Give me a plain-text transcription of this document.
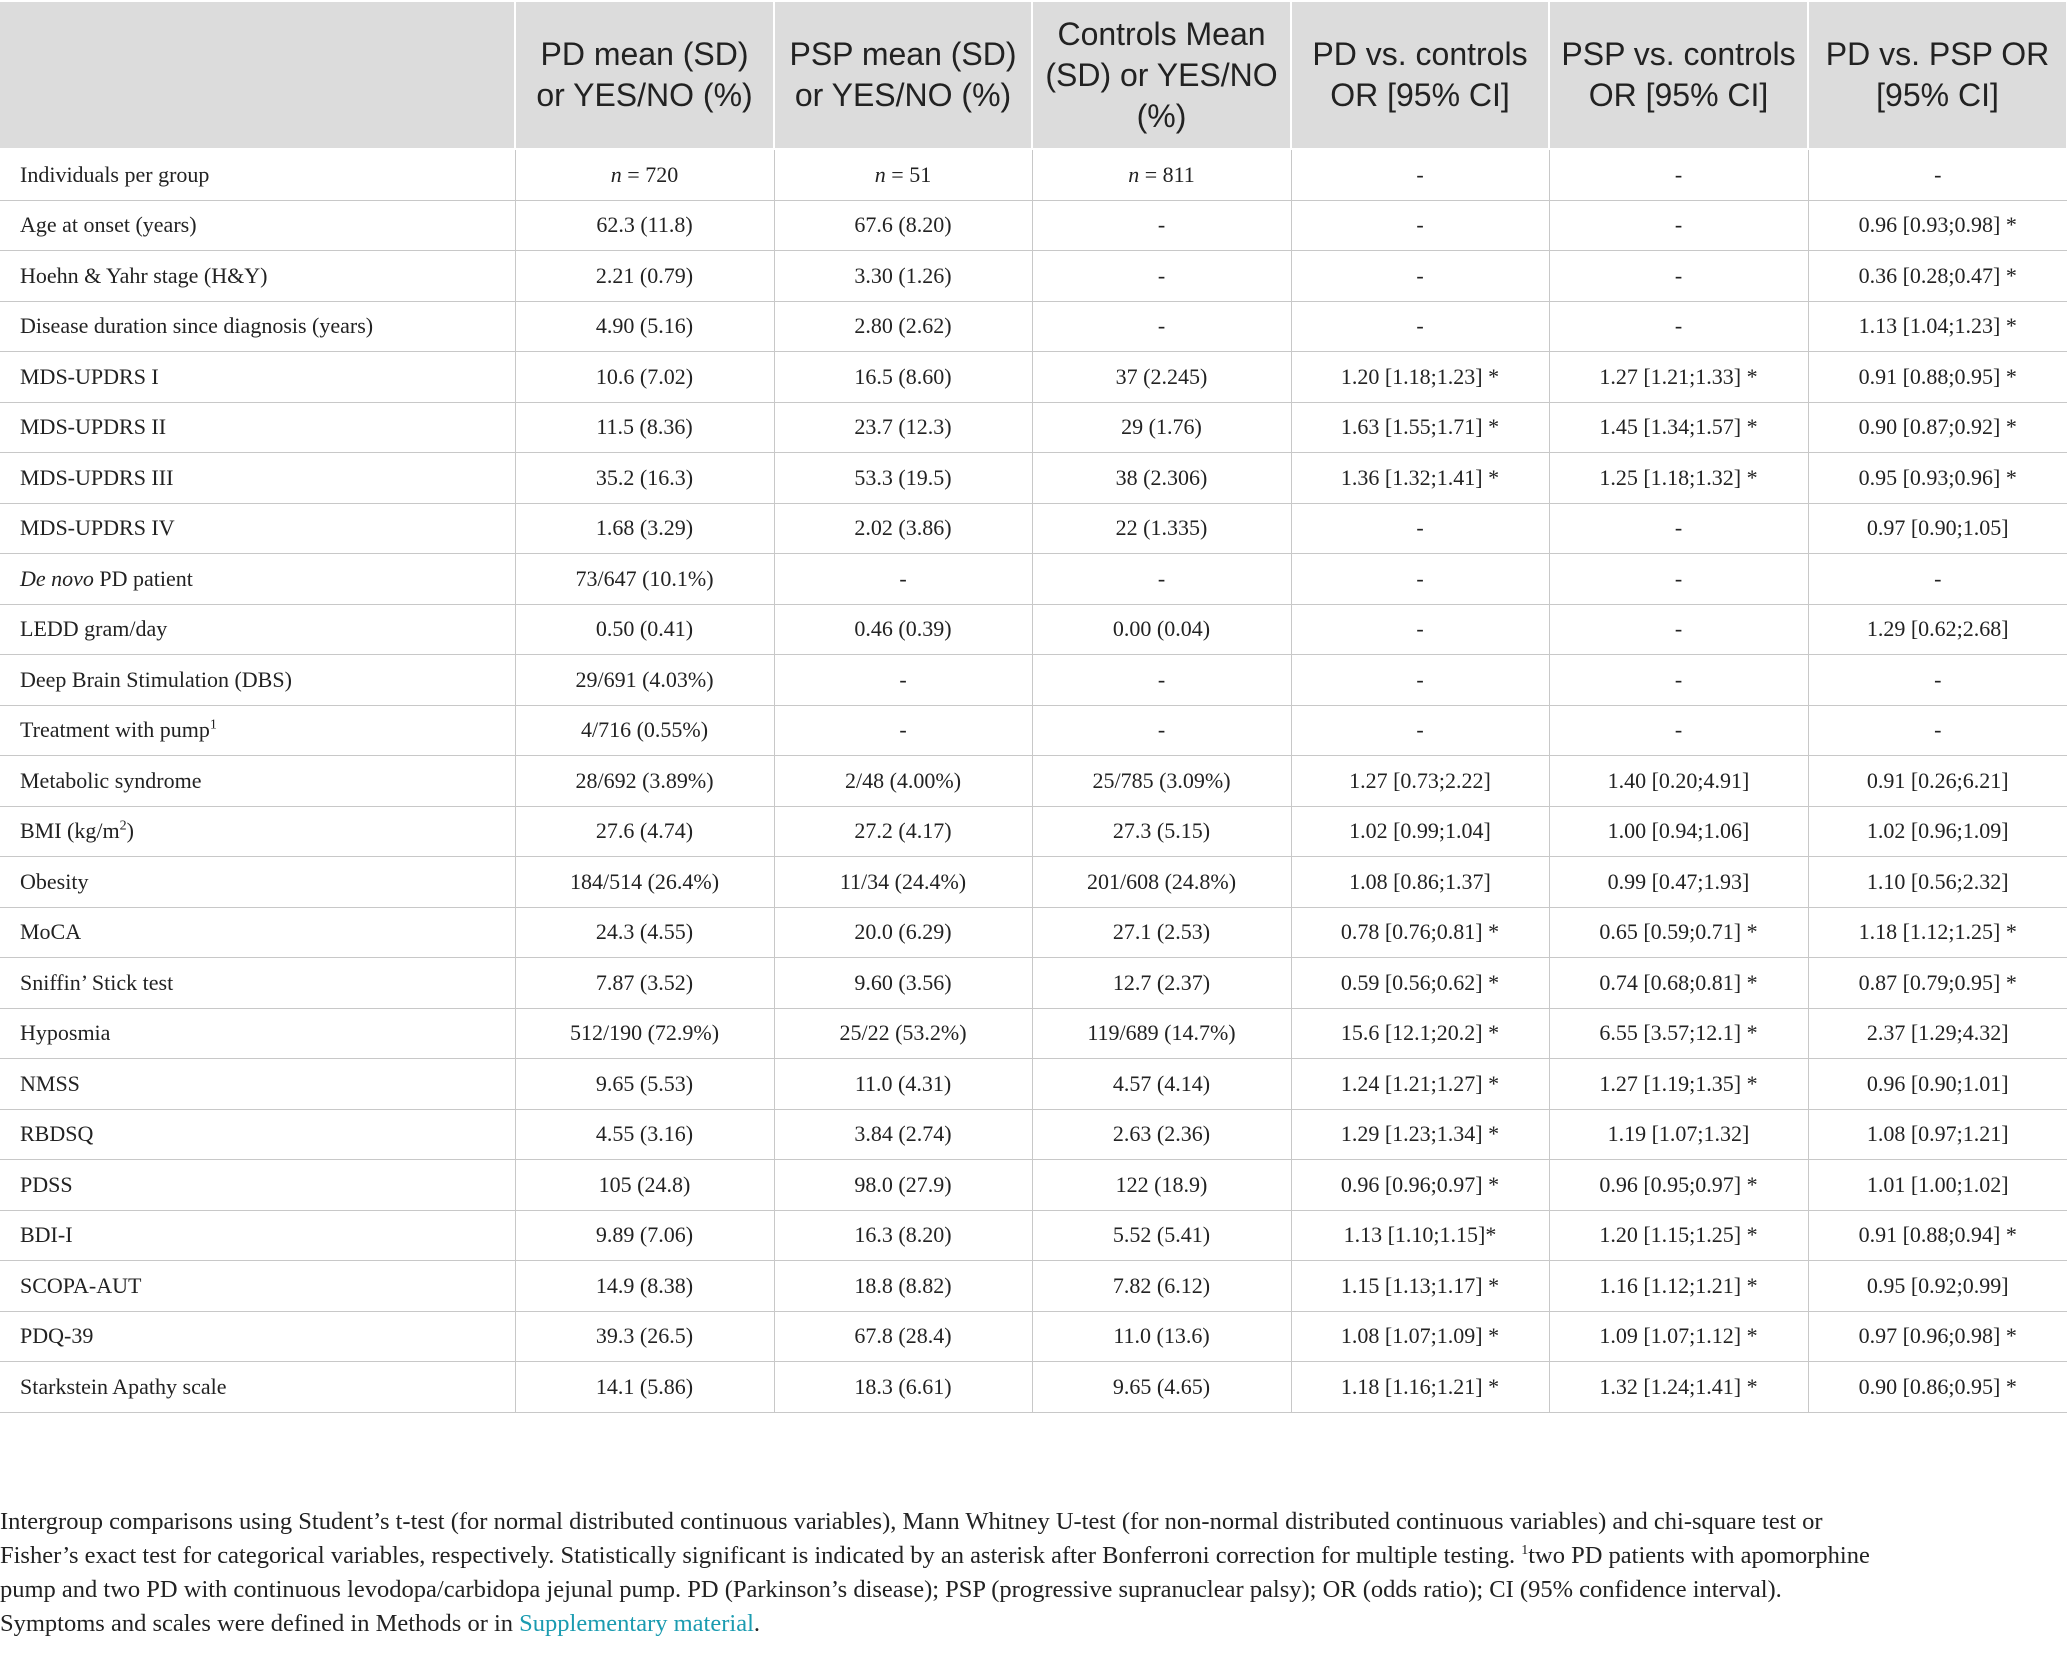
	PD mean (SD) or YES/NO (%)	PSP mean (SD) or YES/NO (%)	Controls Mean (SD) or YES/NO (%)	PD vs. controls OR [95% CI]	PSP vs. controls OR [95% CI]	PD vs. PSP OR [95% CI]
Individuals per group	n = 720	n = 51	n = 811	-	-	-
Age at onset (years)	62.3 (11.8)	67.6 (8.20)	-	-	-	0.96 [0.93;0.98] *
Hoehn & Yahr stage (H&Y)	2.21 (0.79)	3.30 (1.26)	-	-	-	0.36 [0.28;0.47] *
Disease duration since diagnosis (years)	4.90 (5.16)	2.80 (2.62)	-	-	-	1.13 [1.04;1.23] *
MDS-UPDRS I	10.6 (7.02)	16.5 (8.60)	37 (2.245)	1.20 [1.18;1.23] *	1.27 [1.21;1.33] *	0.91 [0.88;0.95] *
MDS-UPDRS II	11.5 (8.36)	23.7 (12.3)	29 (1.76)	1.63 [1.55;1.71] *	1.45 [1.34;1.57] *	0.90 [0.87;0.92] *
MDS-UPDRS III	35.2 (16.3)	53.3 (19.5)	38 (2.306)	1.36 [1.32;1.41] *	1.25 [1.18;1.32] *	0.95 [0.93;0.96] *
MDS-UPDRS IV	1.68 (3.29)	2.02 (3.86)	22 (1.335)	-	-	0.97 [0.90;1.05]
De novo PD patient	73/647 (10.1%)	-	-	-	-	-
LEDD gram/day	0.50 (0.41)	0.46 (0.39)	0.00 (0.04)	-	-	1.29 [0.62;2.68]
Deep Brain Stimulation (DBS)	29/691 (4.03%)	-	-	-	-	-
Treatment with pump$^1$	4/716 (0.55%)	-	-	-	-	-
Metabolic syndrome	28/692 (3.89%)	2/48 (4.00%)	25/785 (3.09%)	1.27 [0.73;2.22]	1.40 [0.20;4.91]	0.91 [0.26;6.21]
BMI $(kg/m^2)$	27.6 (4.74)	27.2 (4.17)	27.3 (5.15)	1.02 [0.99;1.04]	1.00 [0.94;1.06]	1.02 [0.96;1.09]
Obesity	184/514 (26.4%)	11/34 (24.4%)	201/608 (24.8%)	1.08 [0.86;1.37]	0.99 [0.47;1.93]	1.10 [0.56;2.32]
MoCA	24.3 (4.55)	20.0 (6.29)	27.1 (2.53)	0.78 [0.76;0.81] *	0.65 [0.59;0.71] *	1.18 [1.12;1.25] *
Sniffin’ Stick test	7.87 (3.52)	9.60 (3.56)	12.7 (2.37)	0.59 [0.56;0.62] *	0.74 [0.68;0.81] *	0.87 [0.79;0.95] *
Hyposmia	512/190 (72.9%)	25/22 (53.2%)	119/689 (14.7%)	15.6 [12.1;20.2] *	6.55 [3.57;12.1] *	2.37 [1.29;4.32]
NMSS	9.65 (5.53)	11.0 (4.31)	4.57 (4.14)	1.24 [1.21;1.27] *	1.27 [1.19;1.35] *	0.96 [0.90;1.01]
RBDSQ	4.55 (3.16)	3.84 (2.74)	2.63 (2.36)	1.29 [1.23;1.34] *	1.19 [1.07;1.32]	1.08 [0.97;1.21]
PDSS	105 (24.8)	98.0 (27.9)	122 (18.9)	0.96 [0.96;0.97] *	0.96 [0.95;0.97] *	1.01 [1.00;1.02]
BDI-I	9.89 (7.06)	16.3 (8.20)	5.52 (5.41)	1.13 [1.10;1.15]*	1.20 [1.15;1.25] *	0.91 [0.88;0.94] *
SCOPA-AUT	14.9 (8.38)	18.8 (8.82)	7.82 (6.12)	1.15 [1.13;1.17] *	1.16 [1.12;1.21] *	0.95 [0.92;0.99]
PDQ-39	39.3 (26.5)	67.8 (28.4)	11.0 (13.6)	1.08 [1.07;1.09] *	1.09 [1.07;1.12] *	0.97 [0.96;0.98] *
Starkstein Apathy scale	14.1 (5.86)	18.3 (6.61)	9.65 (4.65)	1.18 [1.16;1.21] *	1.32 [1.24;1.41] *	0.90 [0.86;0.95] *
Intergroup comparisons using Student’s t-test (for normal distributed continuous variables), Mann Whitney U-test (for non-normal distributed continuous variables) and chi-square test or
Fisher’s exact test for categorical variables, respectively. Statistically significant is indicated by an asterisk after Bonferroni correction for multiple testing. $^1$two PD patients with apomorphine
pump and two PD with continuous levodopa/carbidopa jejunal pump. PD (Parkinson’s disease); PSP (progressive supranuclear palsy); OR (odds ratio); CI (95% confidence interval).
Symptoms and scales were defined in Methods or in Supplementary material.
